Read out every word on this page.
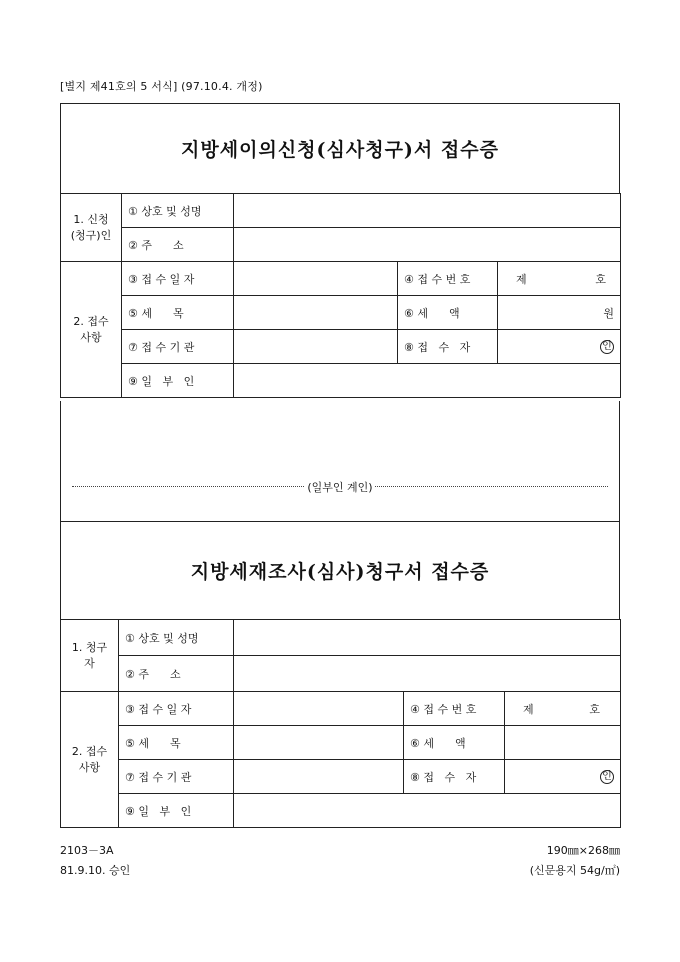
[별지 제41호의 5 서식] (97.10.4. 개정)
지방세이의신청(심사청구)서 접수증
1. 신청
(청구)인	① 상호 및 성명			
	② 주      소			
2. 접수
사항	③ 접 수 일 자		④ 접 수 번 호	제 호

	⑤ 세      목		⑥ 세      액	원
	⑦ 접 수 기 관		⑧ 접   수   자	인
	⑨ 일   부   인			
(일부인 계인)
지방세재조사(심사)청구서 접수증
1. 청구자	① 상호 및 성명			
	② 주      소			
2. 접수
사항	③ 접 수 일 자		④ 접 수 번 호	제 호

	⑤ 세      목		⑥ 세      액	
	⑦ 접 수 기 관		⑧ 접   수   자	인
	⑨ 일   부   인			
2103－3A
81.9.10. 승인
190㎜×268㎜
(신문용지 54g/㎡)
